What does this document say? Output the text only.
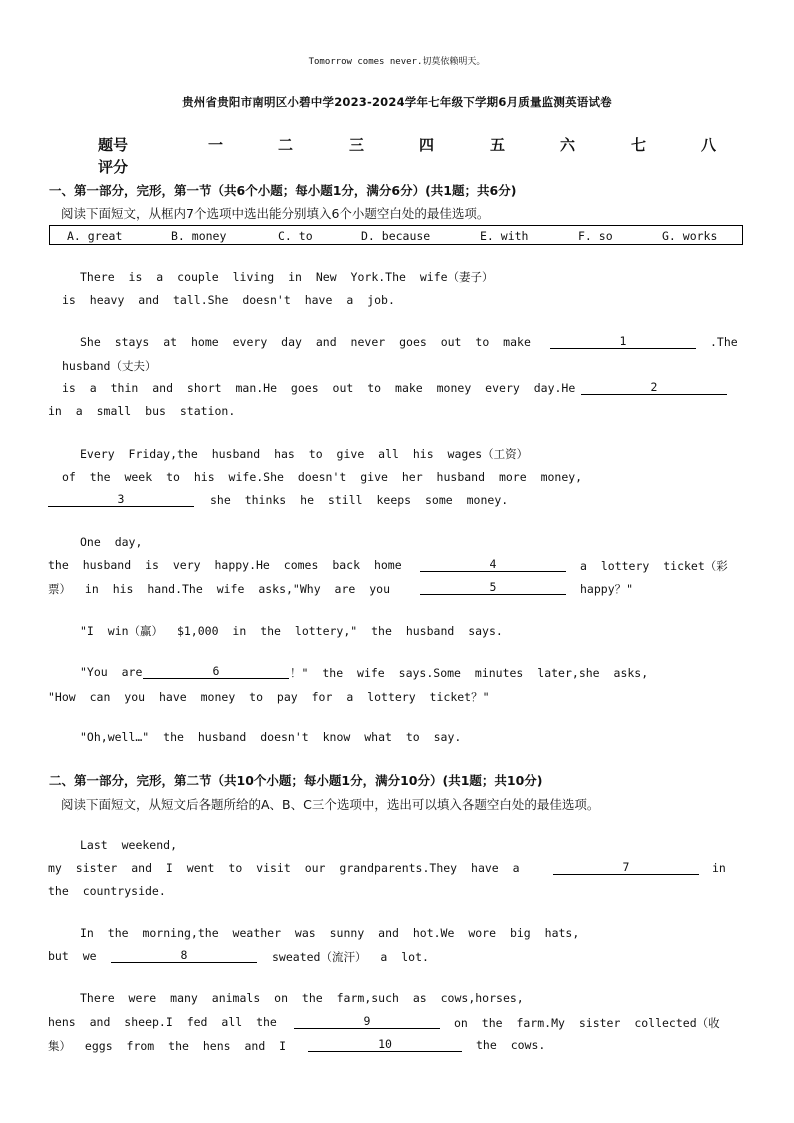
Tomorrow comes never.切莫依赖明天。
贵州省贵阳市南明区小碧中学2023-2024学年七年级下学期6月质量监测英语试卷
题号	一	二	三	四	五	六	七	八
评分
一、第一部分，完形，第一节（共6个小题；每小题1分，满分6分）(共1题；共6分)
阅读下面短文，从框内7个选项中选出能分别填入6个小题空白处的最佳选项。
A. great	B. money	C. to	D. because	E. with	F. so	G. works
There is a couple living in New York.The wife（妻子）
is heavy and tall.She doesn't have a job.
She stays at home every day and never goes out to make	1	.The
husband（丈夫）
is a thin and short man.He goes out to make money every day.He	2
in a small bus station.
Every Friday,the husband has to give all his wages（工资）
of the week to his wife.She doesn't give her husband more money,
3	she thinks he still keeps some money.
One day,
the husband is very happy.He comes back home	4	a lottery ticket（彩
票） in his hand.The wife asks,"Why are you	5	happy？"
"I win（赢） $1,000 in the lottery," the husband says.
"You are	6	！" the wife says.Some minutes later,she asks,
"How can you have money to pay for a lottery ticket？"
"Oh,well…" the husband doesn't know what to say.
二、第一部分，完形，第二节（共10个小题；每小题1分，满分10分）(共1题；共10分)
阅读下面短文，从短文后各题所给的A、B、C三个选项中，选出可以填入各题空白处的最佳选项。
Last weekend,
my sister and I went to visit our grandparents.They have a	7	in
the countryside.
In the morning,the weather was sunny and hot.We wore big hats,
but we	8	sweated（流汗） a lot.
There were many animals on the farm,such as cows,horses,
hens and sheep.I fed all the	9	on the farm.My sister collected（收
集） eggs from the hens and I	10	the cows.
